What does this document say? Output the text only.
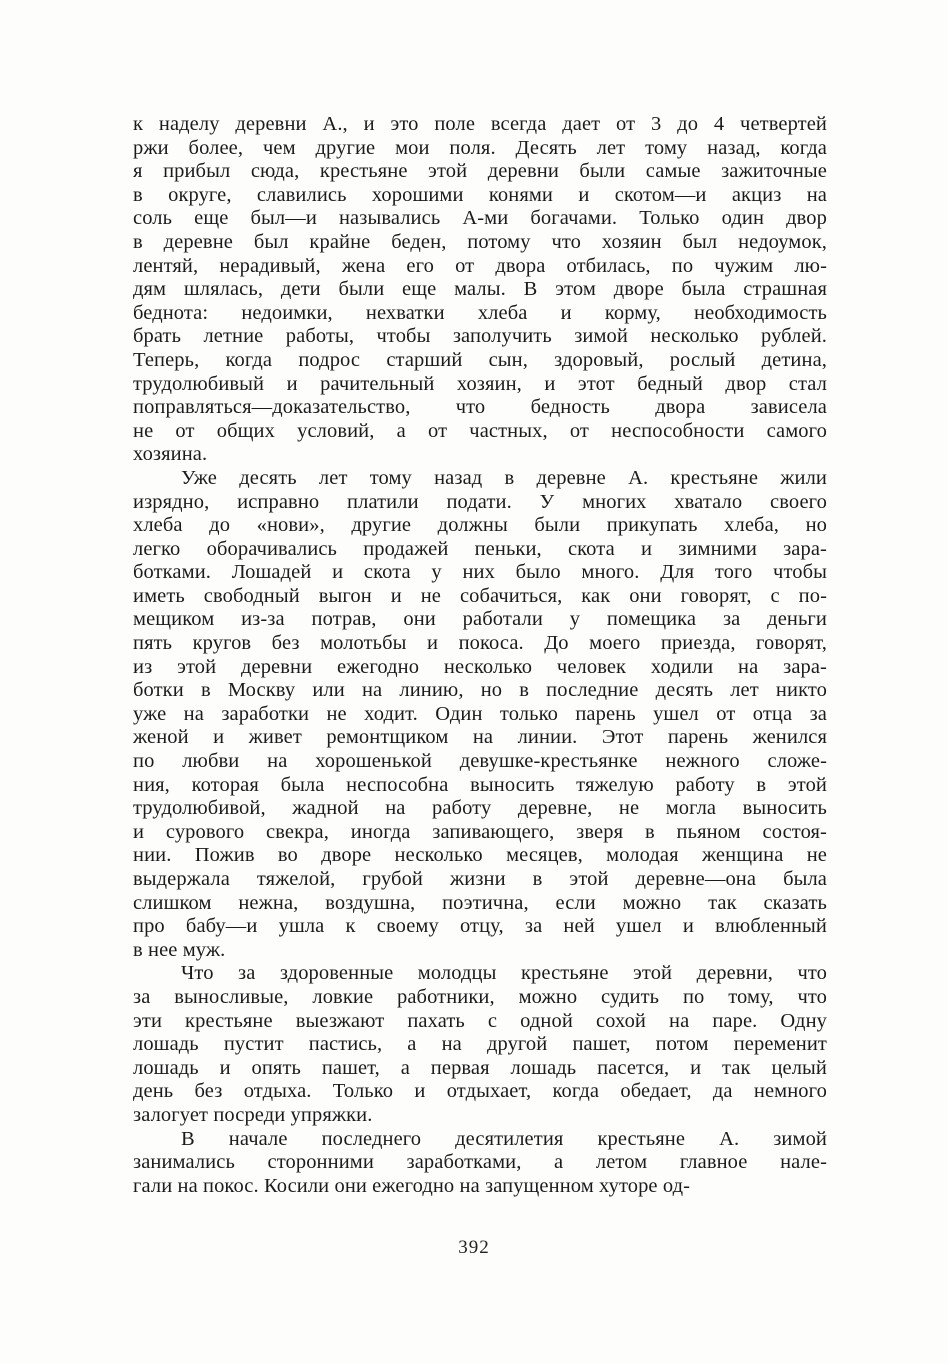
к наделу деревни А., и это поле всегда дает от 3 до 4 четвертей
ржи более, чем другие мои поля. Десять лет тому назад, когда
я прибыл сюда, крестьяне этой деревни были самые зажиточные
в округе, славились хорошими конями и скотом—и акциз на
соль еще был—и назывались А-ми богачами. Только один двор
в деревне был крайне беден, потому что хозяин был недоумок,
лентяй, нерадивый, жена его от двора отбилась, по чужим лю-
дям шлялась, дети были еще малы. В этом дворе была страшная
беднота: недоимки, нехватки хлеба и корму, необходимость
брать летние работы, чтобы заполучить зимой несколько рублей.
Теперь, когда подрос старший сын, здоровый, рослый детина,
трудолюбивый и рачительный хозяин, и этот бедный двор стал
поправляться—доказательство, что бедность двора зависела
не от общих условий, а от частных, от неспособности самого
хозяина.
Уже десять лет тому назад в деревне А. крестьяне жили
изрядно, исправно платили подати. У многих хватало своего
хлеба до «нови», другие должны были прикупать хлеба, но
легко оборачивались продажей пеньки, скота и зимними зара-
ботками. Лошадей и скота у них было много. Для того чтобы
иметь свободный выгон и не собачиться, как они говорят, с по-
мещиком из-за потрав, они работали у помещика за деньги
пять кругов без молотьбы и покоса. До моего приезда, говорят,
из этой деревни ежегодно несколько человек ходили на зара-
ботки в Москву или на линию, но в последние десять лет никто
уже на заработки не ходит. Один только парень ушел от отца за
женой и живет ремонтщиком на линии. Этот парень женился
по любви на хорошенькой девушке-крестьянке нежного сложе-
ния, которая была неспособна выносить тяжелую работу в этой
трудолюбивой, жадной на работу деревне, не могла выносить
и сурового свекра, иногда запивающего, зверя в пьяном состоя-
нии. Пожив во дворе несколько месяцев, молодая женщина не
выдержала тяжелой, грубой жизни в этой деревне—она была
слишком нежна, воздушна, поэтична, если можно так сказать
про бабу—и ушла к своему отцу, за ней ушел и влюбленный
в нее муж.
Что за здоровенные молодцы крестьяне этой деревни, что
за выносливые, ловкие работники, можно судить по тому, что
эти крестьяне выезжают пахать с одной сохой на паре. Одну
лошадь пустит пастись, а на другой пашет, потом переменит
лошадь и опять пашет, а первая лошадь пасется, и так целый
день без отдыха. Только и отдыхает, когда обедает, да немного
залогует посреди упряжки.
В начале последнего десятилетия крестьяне А. зимой
занимались сторонними заработками, а летом главное нале-
гали на покос. Косили они ежегодно на запущенном хуторе од-
392
